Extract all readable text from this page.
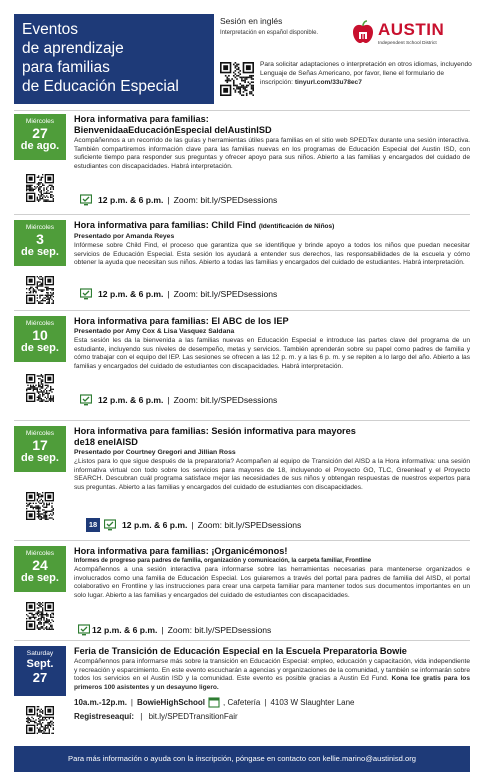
Eventos
de aprendizaje
para familias
de Educación Especial
Sesión en inglés
Interpretación en español disponible.	AUSTIN
Independent School District
Para solicitar adaptaciones o interpretación en otros idiomas, incluyendo Lenguaje de Señas Americano, por favor, llene el formulario de inscripción: tinyurl.com/33u78ec7
Miércoles
27
de ago.
Hora informativa para familias:
BienvenidaaEducaciónEspecial delAustinISD
Acompáñennos a un recorrido de las guías y herramientas útiles para familias en el sitio web SPEDTex durante una sesión interactiva. También compartiremos información clave para las familias nuevas en los programas de Educación Especial del Austin ISD, con suficiente tiempo para responder sus preguntas y ofrecer apoyo para sus niños. Abierto a las familias y encargados del cuidado de estudiantes con discapacidades. Habrá interpretación.
12 p.m. & 6 p.m. | Zoom: bit.ly/SPEDsessions
Miércoles
3
de sep.
Hora informativa para familias: Child Find (Identificación de Niños)
Presentado por Amanda Reyes
Infórmese sobre Child Find, el proceso que garantiza que se identifique y brinde apoyo a todos los niños que puedan necesitar servicios de Educación Especial. Esta sesión los ayudará a entender sus derechos, las responsabilidades de la escuela y cómo obtener la ayuda que necesitan sus niños. Abierto a todas las familias y encargados del cuidado de estudiantes. Habrá interpretación.
12 p.m. & 6 p.m. | Zoom: bit.ly/SPEDsessions
Miércoles
10
de sep.
Hora informativa para familias: El ABC de los IEP
Presentado por Amy Cox & Lisa Vasquez Saldana
Esta sesión les da la bienvenida a las familias nuevas en Educación Especial e introduce las partes clave del programa de un estudiante, incluyendo sus niveles de desempeño, metas y servicios. También aprenderán sobre su papel como padres de familia y cómo trabajar con el equipo del IEP. Las sesiones se ofrecen a las 12 p. m. y a las 6 p. m. y se repiten a lo largo del año. Abierto a las familias y encargados del cuidado de estudiantes con discapacidades. Habrá interpretación.
12 p.m. & 6 p.m. | Zoom: bit.ly/SPEDsessions
Miércoles
17
de sep.
Hora informativa para familias: Sesión informativa para mayores
de18 enelAISD
Presentado por Courtney Gregori and Jillian Ross
¿Listos para lo que sigue después de la preparatoria? Acompañen al equipo de Transición del AISD a la Hora informativa: una sesión informativa virtual con todo sobre los servicios para mayores de 18, incluyendo el Proyecto GO, TLC, Greenleaf y el Proyecto SEARCH. Descubran cuál programa satisface mejor las necesidades de sus niños y obtengan respuestas de nuestros expertos para sus preguntas. Abierto a las familias y encargados del cuidado de estudiantes con discapacidades.
18	12 p.m. & 6 p.m. | Zoom: bit.ly/SPEDsessions
Miércoles
24
de sep.
Hora informativa para familias: ¡Organicémonos!
Informes de progreso para padres de familia, organización y comunicación, la carpeta familiar, Frontline
Acompáñennos a una sesión interactiva para informarse sobre las herramientas necesarias para mantenerse organizados e involucrados como una familia de Educación Especial. Los guiaremos a través del portal para padres de familia del AISD, el portal colaborativo en Frontline y las instrucciones para crear una carpeta familiar para mantener todos sus documentos importantes en un solo lugar. Abierto a las familias y encargados del cuidado de estudiantes con discapacidades.
12 p.m. & 6 p.m. | Zoom: bit.ly/SPEDsessions
Saturday
Sept.
27
Feria de Transición de Educación Especial en la Escuela Preparatoria Bowie
Acompáñennos para informarse más sobre la transición en Educación Especial: empleo, educación y capacitación, vida independiente y recreación y esparcimiento. En este evento escucharán a agencias y organizaciones de la comunidad, y también se informarán sobre todos los servicios en el Austin ISD y la comunidad. Este evento es posible gracias a Austin Ed Fund. Kona Ice gratis para los primeros 100 asistentes y un desayuno ligero.
10a.m.-12p.m. | BowieHighSchool , Cafetería | 4103 W Slaughter Lane
Registreseaquí: | bit.ly/SPEDTransitionFair
Para más información o ayuda con la inscripción, póngase en contacto con kellie.marino@austinisd.org
